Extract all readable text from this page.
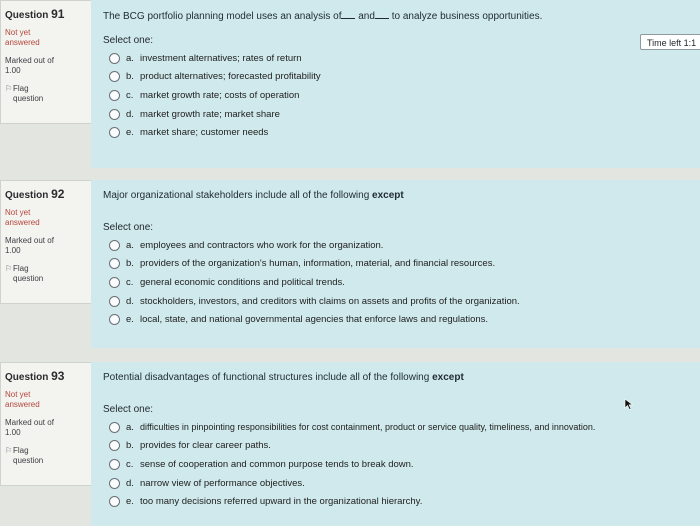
Question 91
Not yet answered
Marked out of 1.00
⚐Flag question
The BCG portfolio planning model uses an analysis of and to analyze business opportunities.
Select one:
a. investment alternatives; rates of return
b. product alternatives; forecasted profitability
c. market growth rate; costs of operation
d. market growth rate; market share
e. market share; customer needs
Question 92
Not yet answered
Marked out of 1.00
⚐Flag question
Major organizational stakeholders include all of the following except
Select one:
a. employees and contractors who work for the organization.
b. providers of the organization's human, information, material, and financial resources.
c. general economic conditions and political trends.
d. stockholders, investors, and creditors with claims on assets and profits of the organization.
e. local, state, and national governmental agencies that enforce laws and regulations.
Question 93
Not yet answered
Marked out of 1.00
⚐Flag question
Potential disadvantages of functional structures include all of the following except
Select one:
a. difficulties in pinpointing responsibilities for cost containment, product or service quality, timeliness, and innovation.
b. provides for clear career paths.
c. sense of cooperation and common purpose tends to break down.
d. narrow view of performance objectives.
e. too many decisions referred upward in the organizational hierarchy.
Time left 1:1
